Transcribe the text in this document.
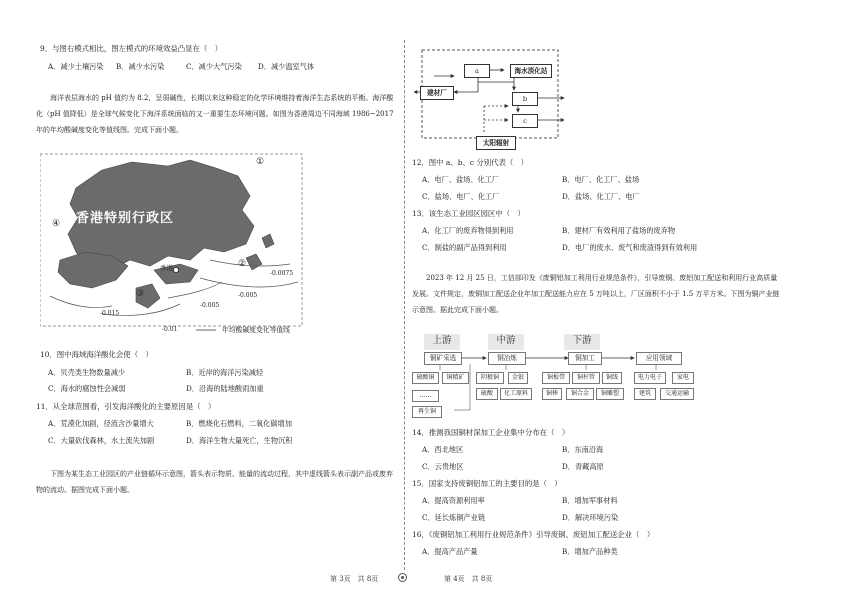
9．与图右模式相比，图左模式的环境效益凸显在（　）
A．减少土壤污染 B．减少水污染	C．减少大气污染 D．减少温室气体
海洋表层海水的 pH 值约为 8.2，呈弱碱性，长期以来这种稳定的化学环境维持着海洋生态系统的平衡。海洋酸化（pH 值降低）是全球气候变化下海洋系统面临的又一重要生态环境问题。如图为香港周边不同海域 1986~2017 年的年均酸碱度变化等值线图。完成下面小题。
香港特别行政区
香港
①
②
③
④
-0.0075
-0.005
-0.015
-0.005
-0.01	年均酸碱度变化等值线
10．图中海域海洋酸化会使（　）
A．贝壳类生物数量减少	B．近岸的海洋污染减轻
C．海水的腐蚀性会减弱	D．沿海的陆地酸雨加重
11．从全球范围看，引发海洋酸化的主要原因是（　）
A．荒漠化加剧，径流含沙量增大	B．燃烧化石燃料，二氧化碳增加
C．大量砍伐森林，水土流失加剧	D．海洋生物大量死亡，生物沉积
下图为某生态工业园区的产业链循环示意图，箭头表示物质、能量的流动过程，其中虚线箭头表示副产品或废弃物的流动。据图完成下面小题。
a	海水淡化站
建材厂
b
c
太阳辐射
12．图中 a、b、c 分别代表（　）
A．电厂、盐场、化工厂	B．电厂、化工厂、盐场
C．盐场、电厂、化工厂	D．盐场、化工厂、电厂
13．该生态工业园区园区中（　）
A．化工厂的废弃物得到利用	B．建材厂有效利用了盐场的废弃物
C．制盐的副产品得到利用	D．电厂的废水、废气和废渣得到有效利用
2023 年 12 月 25 日，工信部印发《废铜铝加工利用行业规范条件》，引导废铜、废铝加工配送和利用行业高质量发展。文件规定，废铜加工配送企业年加工配送能力应在 5 万吨以上，厂区面积不小于 1.5 万平方米。下图为铜产业链示意图。据此完成下面小题。
上游	中游	下游
铜矿采选	铜冶炼	铜加工	应用领域
硫酸铜	铜精矿
……
再生铜
阴极铜	金银
硫酸	化工原料
铜板带	铜杆管	铜线
铜棒	铜合金	铜雕塑
电力电子	家电
建筑	交通运输
14．推测我国铜材深加工企业集中分布在（　）
A．西北地区	B．东南沿海
C．云贵地区	D．青藏高原
15．国家支持废铜铝加工的主要目的是（　）
A．提高资源利用率	B．增加军事材料
C．延长炼铜产业链	D．解决环境污染
16．《废铜铝加工利用行业规范条件》引导废铜、废铝加工配送企业（　）
A．提高产品产量	B．增加产品种类
第 3页　共 8页	第 4页　共 8页
